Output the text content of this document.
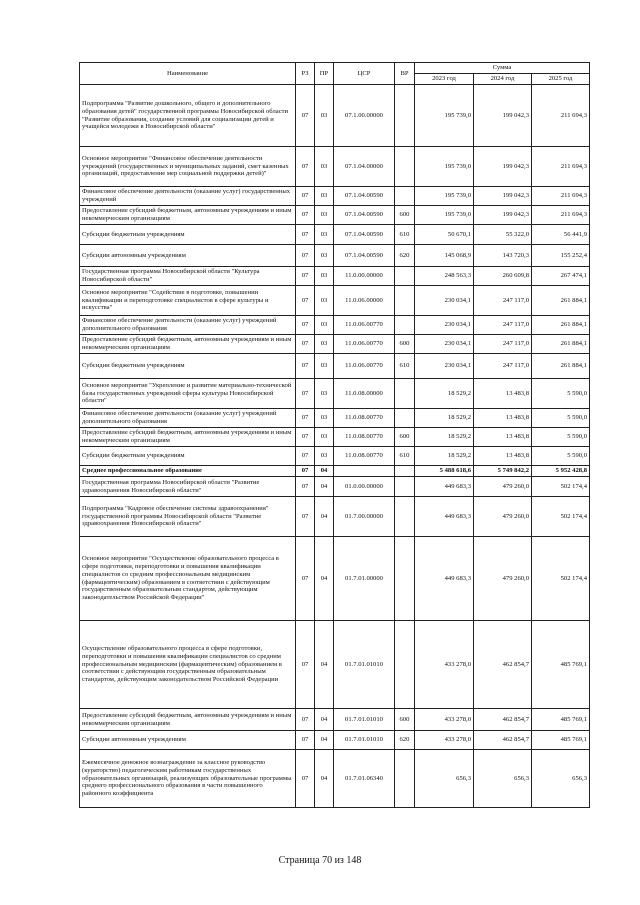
Наименование	РЗ	ПР	ЦСР	ВР	Сумма		
					2023 год	2024 год	2025 год
Подпрограмма "Развитие дошкольного, общего и дополнительного образования детей" государственной программы Новосибирской области "Развитие образования, создание условий для социализации детей и учащейся молодежи в Новосибирской области"	07	03	07.1.00.00000		195 739,0	199 042,3	211 694,3
Основное мероприятие "Финансовое обеспечение деятельности учреждений (государственных и муниципальных заданий, смет казенных организаций, предоставление мер социальной поддержки детей)"	07	03	07.1.04.00000		195 739,0	199 042,3	211 694,3
Финансовое обеспечение деятельности (оказание услуг) государственных учреждений	07	03	07.1.04.00590		195 739,0	199 042,3	211 694,3
Предоставление субсидий бюджетным, автономным учреждениям и иным некоммерческим организациям	07	03	07.1.04.00590	600	195 739,0	199 042,3	211 694,3
Субсидии бюджетным учреждениям	07	03	07.1.04.00590	610	50 670,1	55 322,0	56 441,9
Субсидии автономным учреждениям	07	03	07.1.04.00590	620	145 068,9	143 720,3	155 252,4
Государственная программа Новосибирской области "Культура Новосибирской области"	07	03	11.0.00.00000		248 563,3	260 609,8	267 474,1
Основное мероприятие "Содействие в подготовке, повышении квалификации и переподготовке специалистов в сфере культуры и искусства"	07	03	11.0.06.00000		230 034,1	247 117,0	261 884,1
Финансовое обеспечение деятельности (оказание услуг) учреждений дополнительного образования	07	03	11.0.06.00770		230 034,1	247 117,0	261 884,1
Предоставление субсидий бюджетным, автономным учреждениям и иным некоммерческим организациям	07	03	11.0.06.00770	600	230 034,1	247 117,0	261 884,1
Субсидии бюджетным учреждениям	07	03	11.0.06.00770	610	230 034,1	247 117,0	261 884,1
Основное мероприятие "Укрепление и развитие материально-технической базы государственных учреждений сферы культуры Новосибирской области"	07	03	11.0.08.00000		18 529,2	13 483,8	5 590,0
Финансовое обеспечение деятельности (оказание услуг) учреждений дополнительного образования	07	03	11.0.08.00770		18 529,2	13 483,8	5 590,0
Предоставление субсидий бюджетным, автономным учреждениям и иным некоммерческим организациям	07	03	11.0.08.00770	600	18 529,2	13 483,8	5 590,0
Субсидии бюджетным учреждениям	07	03	11.0.08.00770	610	18 529,2	13 483,8	5 590,0
Среднее профессиональное образование	07	04			5 488 618,6	5 749 842,2	5 952 428,8
Государственная программа Новосибирской области "Развитие здравоохранения Новосибирской области"	07	04	01.0.00.00000		449 683,3	479 260,0	502 174,4
Подпрограмма "Кадровое обеспечение системы здравоохранения" государственной программы Новосибирской области "Развитие здравоохранения Новосибирской области"	07	04	01.7.00.00000		449 683,3	479 260,0	502 174,4
Основное мероприятие "Осуществление образовательного процесса в сфере подготовки, переподготовки и повышения квалификации специалистов со средним профессиональным медицинским (фармацевтическим) образованием в соответствии с действующим государственным образовательным стандартом, действующим законодательством Российской Федерации"	07	04	01.7.01.00000		449 683,3	479 260,0	502 174,4
Осуществление образовательного процесса в сфере подготовки, переподготовки и повышения квалификации специалистов со средним профессиональным медицинским (фармацевтическим) образованием в соответствии с действующим государственным образовательным стандартом, действующим законодательством Российской Федерации	07	04	01.7.01.01010		433 278,0	462 854,7	485 769,1
Предоставление субсидий бюджетным, автономным учреждениям и иным некоммерческим организациям	07	04	01.7.01.01010	600	433 278,0	462 854,7	485 769,1
Субсидии автономным учреждениям	07	04	01.7.01.01010	620	433 278,0	462 854,7	485 769,1
Ежемесячное денежное вознаграждение за классное руководство (кураторство) педагогическим работникам государственных образовательных организаций, реализующих образовательные программы среднего профессионального образования в части повышенного районного коэффициента	07	04	01.7.01.06340		656,3	656,3	656,3
Страница 70 из 148
